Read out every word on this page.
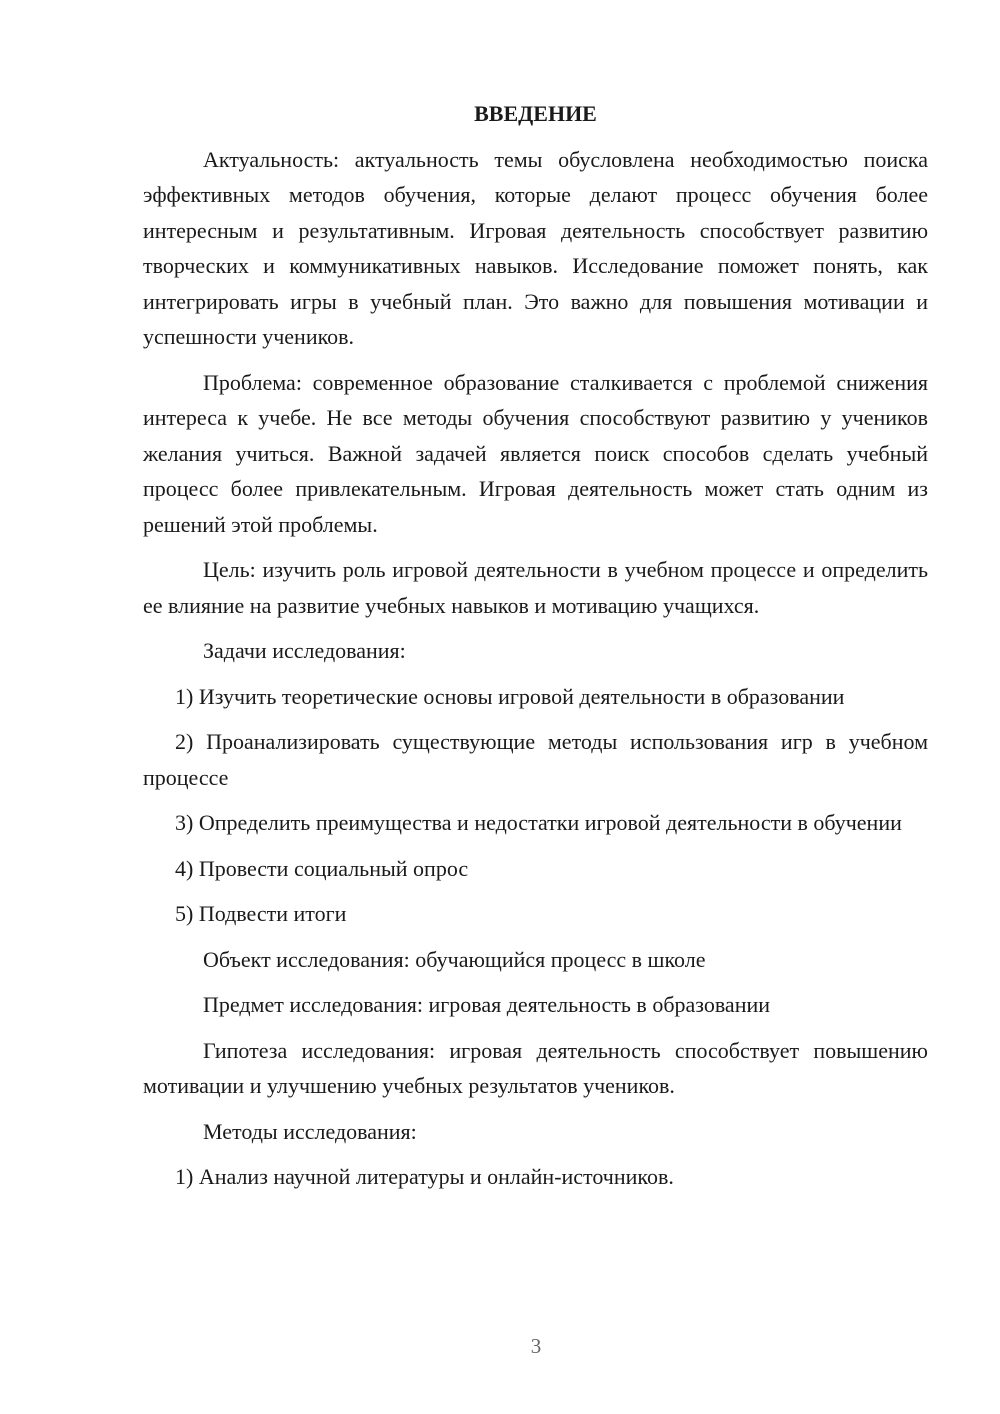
ВВЕДЕНИЕ

Актуальность: актуальность темы обусловлена необходимостью поиска эффективных методов обучения, которые делают процесс обучения более интересным и результативным. Игровая деятельность способствует развитию творческих и коммуникативных навыков. Исследование поможет понять, как интегрировать игры в учебный план. Это важно для повышения мотивации и успешности учеников.

Проблема: современное образование сталкивается с проблемой снижения интереса к учебе. Не все методы обучения способствуют развитию у учеников желания учиться. Важной задачей является поиск способов сделать учебный процесс более привлекательным. Игровая деятельность может стать одним из решений этой проблемы.

Цель: изучить роль игровой деятельности в учебном процессе и определить ее влияние на развитие учебных навыков и мотивацию учащихся.

Задачи исследования:

1) Изучить теоретические основы игровой деятельности в образовании

2) Проанализировать существующие методы использования игр в учебном процессе

3) Определить преимущества и недостатки игровой деятельности в обучении

4) Провести социальный опрос

5) Подвести итоги

Объект исследования: обучающийся процесс в школе

Предмет исследования: игровая деятельность в образовании

Гипотеза исследования: игровая деятельность способствует повышению мотивации и улучшению учебных результатов учеников.

Методы исследования:

1) Анализ научной литературы и онлайн-источников.

3
